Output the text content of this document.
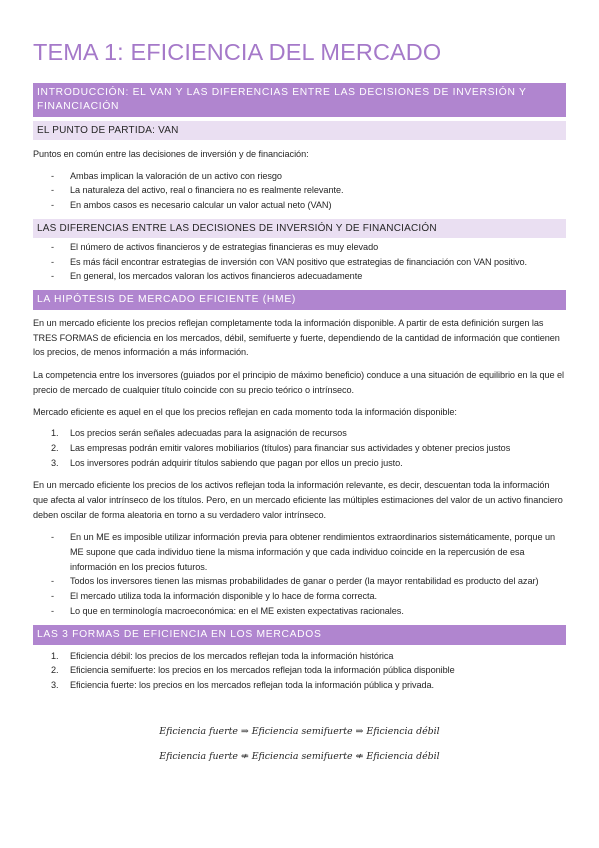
TEMA 1: EFICIENCIA DEL MERCADO
INTRODUCCIÓN: EL VAN Y LAS DIFERENCIAS ENTRE LAS DECISIONES DE INVERSIÓN Y FINANCIACIÓN
EL PUNTO DE PARTIDA: VAN

Puntos en común entre las decisiones de inversión y de financiación:

- Ambas implican la valoración de un activo con riesgo
- La naturaleza del activo, real o financiera no es realmente relevante.
- En ambos casos es necesario calcular un valor actual neto (VAN)
LAS DIFERENCIAS ENTRE LAS DECISIONES DE INVERSIÓN Y DE FINANCIACIÓN
- El número de activos financieros y de estrategias financieras es muy elevado
- Es más fácil encontrar estrategias de inversión con VAN positivo que estrategias de financiación con VAN positivo.
- En general, los mercados valoran los activos financieros adecuadamente
LA HIPÓTESIS DE MERCADO EFICIENTE (HME)

En un mercado eficiente los precios reflejan completamente toda la información disponible. A partir de esta definición surgen las TRES FORMAS de eficiencia en los mercados, débil, semifuerte y fuerte, dependiendo de la cantidad de información que contienen los precios, de menos información a más información.

La competencia entre los inversores (guiados por el principio de máximo beneficio) conduce a una situación de equilibrio en la que el precio de mercado de cualquier título coincide con su precio teórico o intrínseco.

Mercado eficiente es aquel en el que los precios reflejan en cada momento toda la información disponible:

1. Los precios serán señales adecuadas para la asignación de recursos
2. Las empresas podrán emitir valores mobiliarios (títulos) para financiar sus actividades y obtener precios justos
3. Los inversores podrán adquirir títulos sabiendo que pagan por ellos un precio justo.

En un mercado eficiente los precios de los activos reflejan toda la información relevante, es decir, descuentan toda la información que afecta al valor intrínseco de los títulos. Pero, en un mercado eficiente las múltiples estimaciones del valor de un activo financiero deben oscilar de forma aleatoria en torno a su verdadero valor intrínseco.

- En un ME es imposible utilizar información previa para obtener rendimientos extraordinarios sistemáticamente, porque un ME supone que cada individuo tiene la misma información y que cada individuo coincide en la repercusión de esa información en los precios futuros.
- Todos los inversores tienen las mismas probabilidades de ganar o perder (la mayor rentabilidad es producto del azar)
- El mercado utiliza toda la información disponible y lo hace de forma correcta.
- Lo que en terminología macroeconómica: en el ME existen expectativas racionales.
LAS 3 FORMAS DE EFICIENCIA EN LOS MERCADOS
1. Eficiencia débil: los precios de los mercados reflejan toda la información histórica
2. Eficiencia semifuerte: los precios en los mercados reflejan toda la información pública disponible
3. Eficiencia fuerte: los precios en los mercados reflejan toda la información pública y privada.
Eficiencia fuerte ⇒ Eficiencia semifuerte ⇒ Eficiencia débil
Eficiencia fuerte ⇍ Eficiencia semifuerte ⇍ Eficiencia débil
